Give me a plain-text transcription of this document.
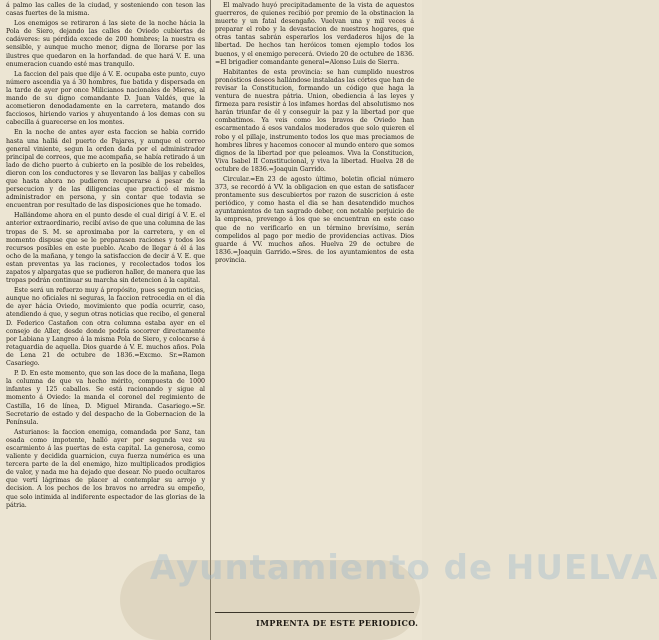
á palmo las calles de la ciudad, y sosteniendo con teson las casas fuertes de la misma.

Los enemigos se retiraron á las siete de la noche hácia la Pola de Siero, dejando las calles de Oviedo cubiertas de cadáveres: su pérdida excede de 200 hombres; la nuestra es sensible, y aunque mucho menor, digna de llorarse por las ilustres que quedaron en la horfandad. de que hará V. E. una enumeracion cuando esté mas tranquilo.

La faccion del pais que dije á V. E. ocupaba este punto, cuyo número ascendia ya á 30 hombres, fue batida y dispersada en la tarde de ayer por once Milicianos nacionales de Mieres, al mando de su digno comandante D. Juan Valdés, que la acometieron denodadamente en la carretera, matando dos facciosos, hiriendo varios y ahuyentando á los demas con su cabecilla á guarecerse en los montes.

En la noche de antes ayer esta faccion se habia corrido hasta una hallá del puerto de Pajares, y aunque el correo general viniente, segun la orden dada por el administrador principal de correos, que me acompaña, se había retirado á un lado de dicho puerto á cubierto en la posible de los rebeldes, dieron con los conductores y se llevaron las balijas y cabellos que hasta ahora no pudieron recuperarse á pesar de la persecucion y de las diligencias que practicó el mismo administrador en persona, y sin contar que todavia se encuentran por resultado de las disposiciones que he tomado.

Hallándome ahora en el punto desde el cual dirigí á V. E. el anterior extraordinario, recibí aviso de que una columna de las tropas de S. M. se aproximaba por la carretera, y en el momento dispuse que se le preparasen raciones y todos los recursos posibles en este pueblo. Acabo de llegar á él á las ocho de la mañana, y tengo la satisfaccion de decir á V. E. que estan preventas ya las raciones, y recolectados todos los zapatos y alpargatas que se pudieron haller, de manera que las tropas podrán continuar su marcha sin detencion á la capital.

Este será un refuerzo muy á propósito, pues segun noticias, aunque no oficiales ni seguras, la faccion retrocedia en el dia de ayer hácia Oviedo, movimiento que podía ocurrir, caso, atendiendo á que, y segun otras noticias que recibo, el general D. Federico Castañon con otra columna estaba ayer en el consejo de Aller, desde donde podría socorrer directamente por Labiana y Langreo á la misma Pola de Siero, y colocarse á retaguardia de aquella. Dios guarde á V. E. muchos años. Pola de Lena 21 de octubre de 1836.=Excmo. Sr.=Ramon Casariego.

P. D. En este momento, que son las doce de la mañana, llega la columna de que va hecho mérito, compuesta de 1000 infantes y 125 caballos. Se está racionando y sigue al momento á Oviedo: la manda el coronel del regimiento de Castilla, 16 de línea, D. Miguel Miranda. Casariego.=Sr. Secretario de estado y del despacho de la Gobernacion de la Península.

Asturianos: la faccion enemiga, comandada por Sanz, tan osada como impotente, halló ayer por segunda vez su escarmiento á las puertas de esta capital. La generosa, como valiente y decidida guarnicion, cuya fuerza numérica es una tercera parte de la del enemigo, hizo multiplicados prodigios de valor, y nada me ha dejado que desear. No puedo ocultaros que vertí lágrimas de placer al contemplar su arrojo y decision. A los pechos de los bravos no arredra su empeño, que solo intimida al indiferente espectador de las glorias de la pátria.

El malvado huyó precipitadamente de la vista de aquestos guerreros, de quienes recibió por premio de la obstinacion la muerte y un fatal desengaño. Vuelvan una y mil veces á preparar el robo y la devastacion de nuestros hogares, que otras tantas sabrán esperarlos los verdaderos hijos de la libertad. De hechos tan heróicos tomen ejemplo todos los buenos, y el enemigo perecerá. Oviedo 20 de octubre de 1836. =El brigadier comandante general=Alonso Luis de Sierra.

Habitantes de esta provincia: se han cumplido nuestros pronósticos deseos hallándose instaladas las córtes que han de revisar la Constitucion, formando un código que haga la ventura de nuestra pátria. Union, obediencia á las leyes y firmeza para resistir á los infames hordas del absolutismo nos harán triunfar de él y conseguir la paz y la libertad por que combatimos. Ya veis como los bravos de Oviedo han escarmentado á esos vandalos moderados que solo quieren el robo y el pillaje, instrumento todos los que mas preciamos de hombres libres y hacemos conocer al mundo entero que somos dignos de la libertad por que peleamos. Viva la Constitucion, Viva Isabel II Constitucional, y viva la libertad. Huelva 28 de octubre de 1836.=Joaquin Garrido.

Circular.=En 23 de agosto último, boletin oficial número 373, se recordó á VV. la obligacion en que estan de satisfacer prontamente sus descubiertos por razon de suscricion á este periódico, y como hasta el dia se han desatendido muchos ayuntamientos de tan sagrado deber, con notable perjuicio de la empresa, prevengo á los que se encuentran en este caso que de no verificarlo en un término brevísimo, serán compelidos al pago por medio de providencias activas. Dios guarde á VV. muchos años. Huelva 29 de octubre de 1836.=Joaquin Garrido.=Sres. de los ayuntamientos de esta provincia.

Ayuntamiento de HUELVA
IMPRENTA DE ESTE PERIODICO.
